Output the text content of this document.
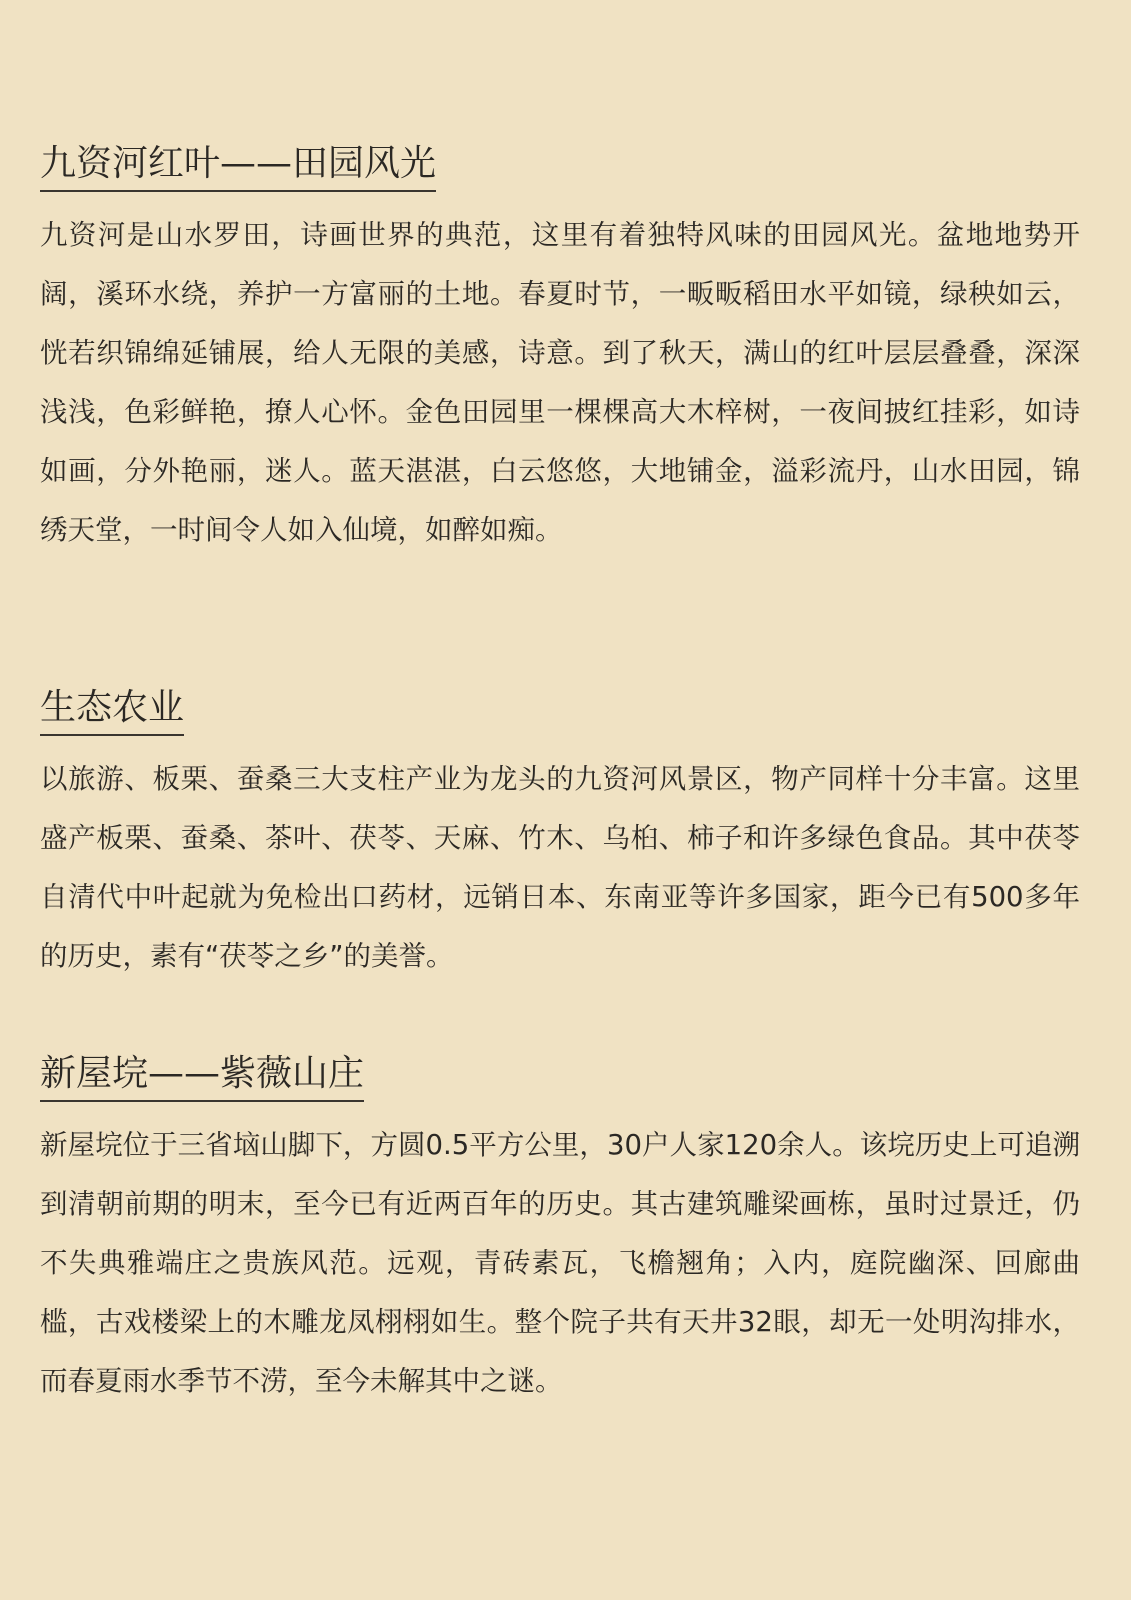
九资河红叶——田园风光

九资河是山水罗田，诗画世界的典范，这里有着独特风味的田园风光。盆地地势开阔，溪环水绕，养护一方富丽的土地。春夏时节，一畈畈稻田水平如镜，绿秧如云，恍若织锦绵延铺展，给人无限的美感，诗意。到了秋天，满山的红叶层层叠叠，深深浅浅，色彩鲜艳，撩人心怀。金色田园里一棵棵高大木梓树，一夜间披红挂彩，如诗如画，分外艳丽，迷人。蓝天湛湛，白云悠悠，大地铺金，溢彩流丹，山水田园，锦绣天堂，一时间令人如入仙境，如醉如痴。

生态农业

以旅游、板栗、蚕桑三大支柱产业为龙头的九资河风景区，物产同样十分丰富。这里盛产板栗、蚕桑、茶叶、茯苓、天麻、竹木、乌桕、柿子和许多绿色食品。其中茯苓自清代中叶起就为免检出口药材，远销日本、东南亚等许多国家，距今已有500多年的历史，素有“茯苓之乡”的美誉。

新屋垸——紫薇山庄

新屋垸位于三省垴山脚下，方圆0.5平方公里，30户人家120余人。该垸历史上可追溯到清朝前期的明末，至今已有近两百年的历史。其古建筑雕梁画栋，虽时过景迁，仍不失典雅端庄之贵族风范。远观，青砖素瓦，飞檐翘角；入内，庭院幽深、回廊曲槛，古戏楼梁上的木雕龙凤栩栩如生。整个院子共有天井32眼，却无一处明沟排水，而春夏雨水季节不涝，至今未解其中之谜。
